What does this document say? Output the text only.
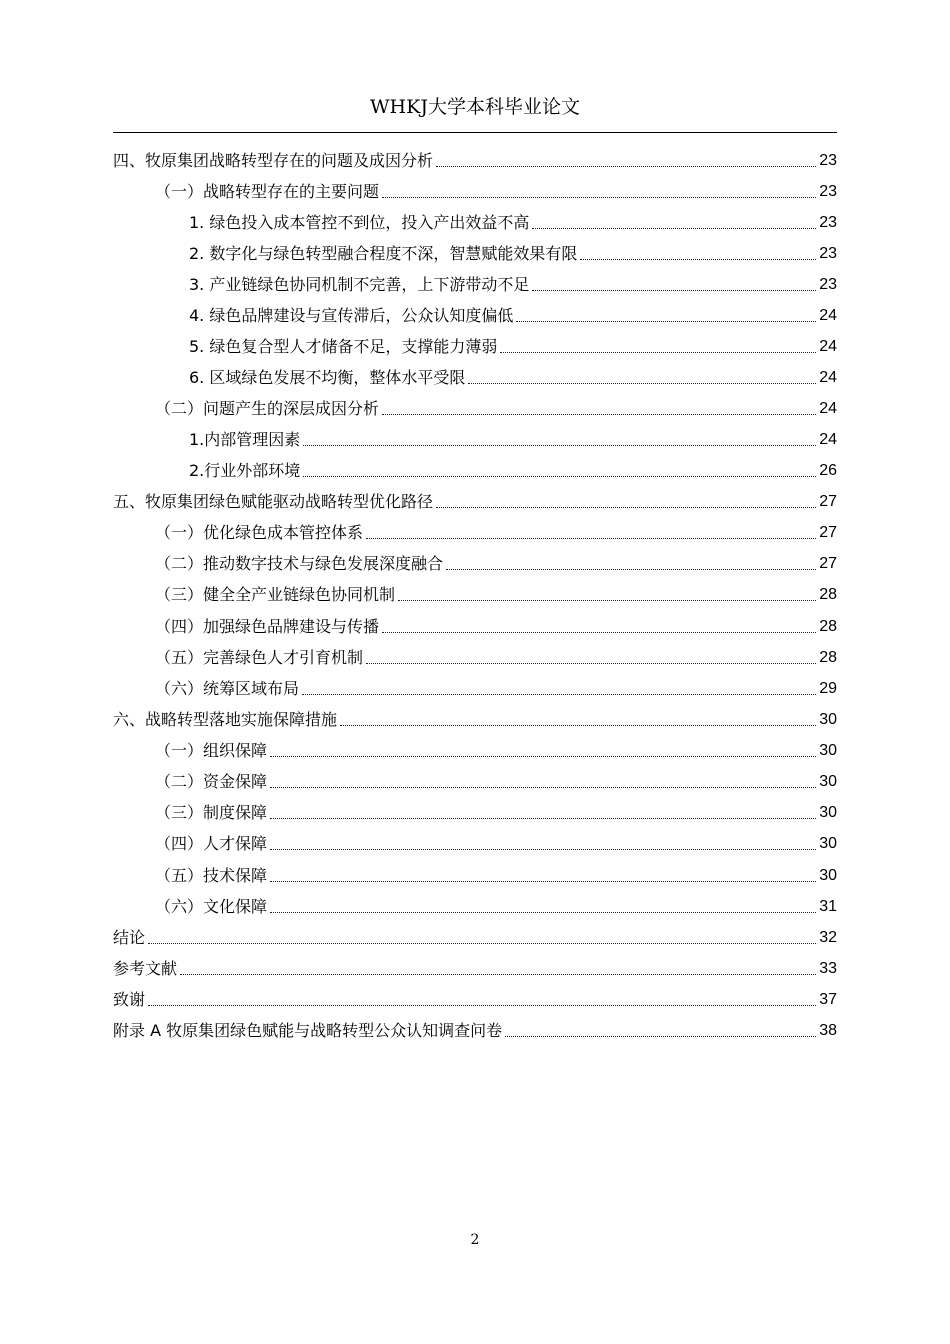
WHKJ大学本科毕业论文
四、牧原集团战略转型存在的问题及成因分析	23
（一）战略转型存在的主要问题	23
1. 绿色投入成本管控不到位，投入产出效益不高	23
2. 数字化与绿色转型融合程度不深，智慧赋能效果有限	23
3. 产业链绿色协同机制不完善，上下游带动不足	23
4. 绿色品牌建设与宣传滞后，公众认知度偏低	24
5. 绿色复合型人才储备不足，支撑能力薄弱	24
6. 区域绿色发展不均衡，整体水平受限	24
（二）问题产生的深层成因分析	24
1.内部管理因素	24
2.行业外部环境	26
五、牧原集团绿色赋能驱动战略转型优化路径	27
（一）优化绿色成本管控体系	27
（二）推动数字技术与绿色发展深度融合	27
（三）健全全产业链绿色协同机制	28
（四）加强绿色品牌建设与传播	28
（五）完善绿色人才引育机制	28
（六）统筹区域布局	29
六、战略转型落地实施保障措施	30
（一）组织保障	30
（二）资金保障	30
（三）制度保障	30
（四）人才保障	30
（五）技术保障	30
（六）文化保障	31
结论	32
参考文献	33
致谢	37
附录 A 牧原集团绿色赋能与战略转型公众认知调查问卷	38
2
